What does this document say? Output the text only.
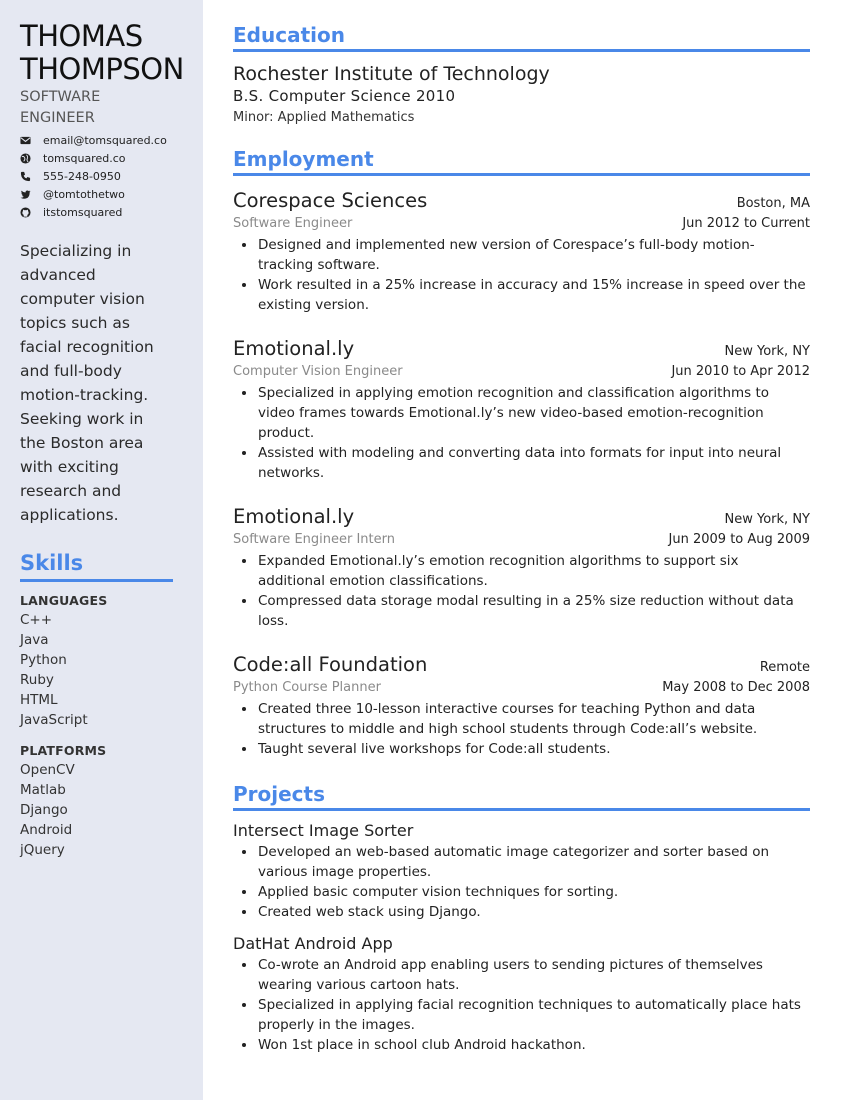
THOMAS
THOMPSON
SOFTWARE
ENGINEER
email@tomsquared.co
tomsquared.co
555-248-0950
@tomtothetwo
itstomsquared
Specializing in
advanced
computer vision
topics such as
facial recognition
and full-body
motion-tracking.
Seeking work in
the Boston area
with exciting
research and
applications.
Skills
LANGUAGES
C++
Java
Python
Ruby
HTML
JavaScript
PLATFORMS
OpenCV
Matlab
Django
Android
jQuery
Education
Rochester Institute of Technology
B.S. Computer Science 2010
Minor: Applied Mathematics
Employment
Corespace Sciences	Boston, MA
Software Engineer	Jun 2012 to Current
Designed and implemented new version of Corespace’s full-body motion-
tracking software.
Work resulted in a 25% increase in accuracy and 15% increase in speed over the
existing version.
Emotional.ly	New York, NY
Computer Vision Engineer	Jun 2010 to Apr 2012
Specialized in applying emotion recognition and classification algorithms to
video frames towards Emotional.ly’s new video-based emotion-recognition
product.
Assisted with modeling and converting data into formats for input into neural
networks.
Emotional.ly	New York, NY
Software Engineer Intern	Jun 2009 to Aug 2009
Expanded Emotional.ly’s emotion recognition algorithms to support six
additional emotion classifications.
Compressed data storage modal resulting in a 25% size reduction without data
loss.
Code:all Foundation	Remote
Python Course Planner	May 2008 to Dec 2008
Created three 10-lesson interactive courses for teaching Python and data
structures to middle and high school students through Code:all’s website.
Taught several live workshops for Code:all students.
Projects
Intersect Image Sorter
Developed an web-based automatic image categorizer and sorter based on
various image properties.
Applied basic computer vision techniques for sorting.
Created web stack using Django.
DatHat Android App
Co-wrote an Android app enabling users to sending pictures of themselves
wearing various cartoon hats.
Specialized in applying facial recognition techniques to automatically place hats
properly in the images.
Won 1st place in school club Android hackathon.
